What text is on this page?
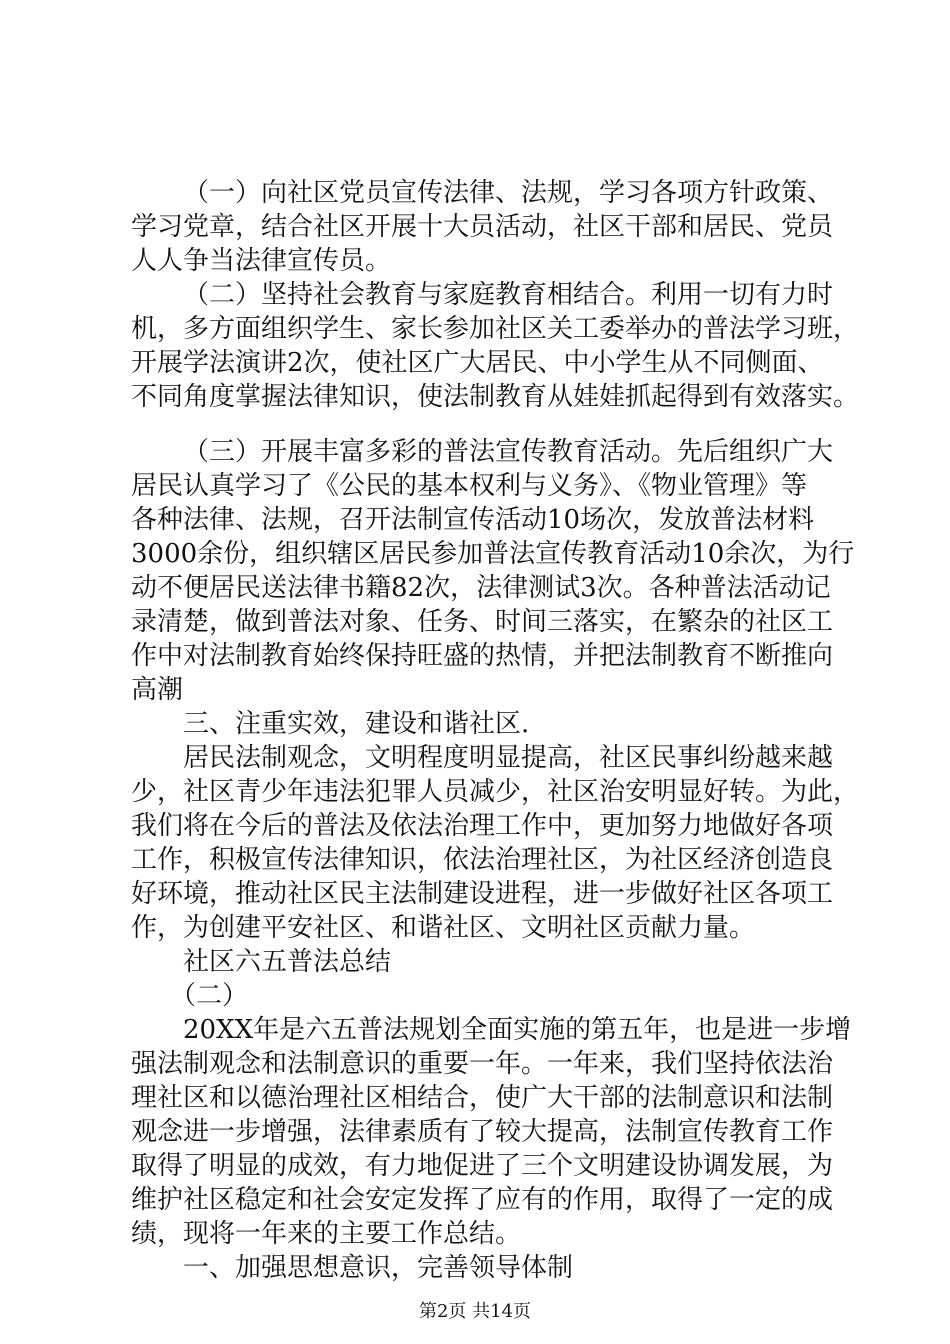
（一）向社区党员宣传法律、法规，学习各项方针政策、
学习党章，结合社区开展十大员活动，社区干部和居民、党员
人人争当法律宣传员。
（二）坚持社会教育与家庭教育相结合。利用一切有力时
机，多方面组织学生、家长参加社区关工委举办的普法学习班，
开展学法演讲2次，使社区广大居民、中小学生从不同侧面、
不同角度掌握法律知识，使法制教育从娃娃抓起得到有效落实。
（三）开展丰富多彩的普法宣传教育活动。先后组织广大
居民认真学习了《公民的基本权利与义务》、《物业管理》等
各种法律、法规，召开法制宣传活动10场次，发放普法材料
3000余份，组织辖区居民参加普法宣传教育活动10余次，为行
动不便居民送法律书籍82次，法律测试3次。各种普法活动记
录清楚，做到普法对象、任务、时间三落实，在繁杂的社区工
作中对法制教育始终保持旺盛的热情，并把法制教育不断推向
高潮
三、注重实效，建设和谐社区.
居民法制观念，文明程度明显提高，社区民事纠纷越来越
少，社区青少年违法犯罪人员减少，社区治安明显好转。为此，
我们将在今后的普法及依法治理工作中，更加努力地做好各项
工作，积极宣传法律知识，依法治理社区，为社区经济创造良
好环境，推动社区民主法制建设进程，进一步做好社区各项工
作，为创建平安社区、和谐社区、文明社区贡献力量。
社区六五普法总结
（二）
20XX年是六五普法规划全面实施的第五年，也是进一步增
强法制观念和法制意识的重要一年。一年来，我们坚持依法治
理社区和以德治理社区相结合，使广大干部的法制意识和法制
观念进一步增强，法律素质有了较大提高，法制宣传教育工作
取得了明显的成效，有力地促进了三个文明建设协调发展，为
维护社区稳定和社会安定发挥了应有的作用，取得了一定的成
绩，现将一年来的主要工作总结。
一、加强思想意识，完善领导体制
第2页 共14页
